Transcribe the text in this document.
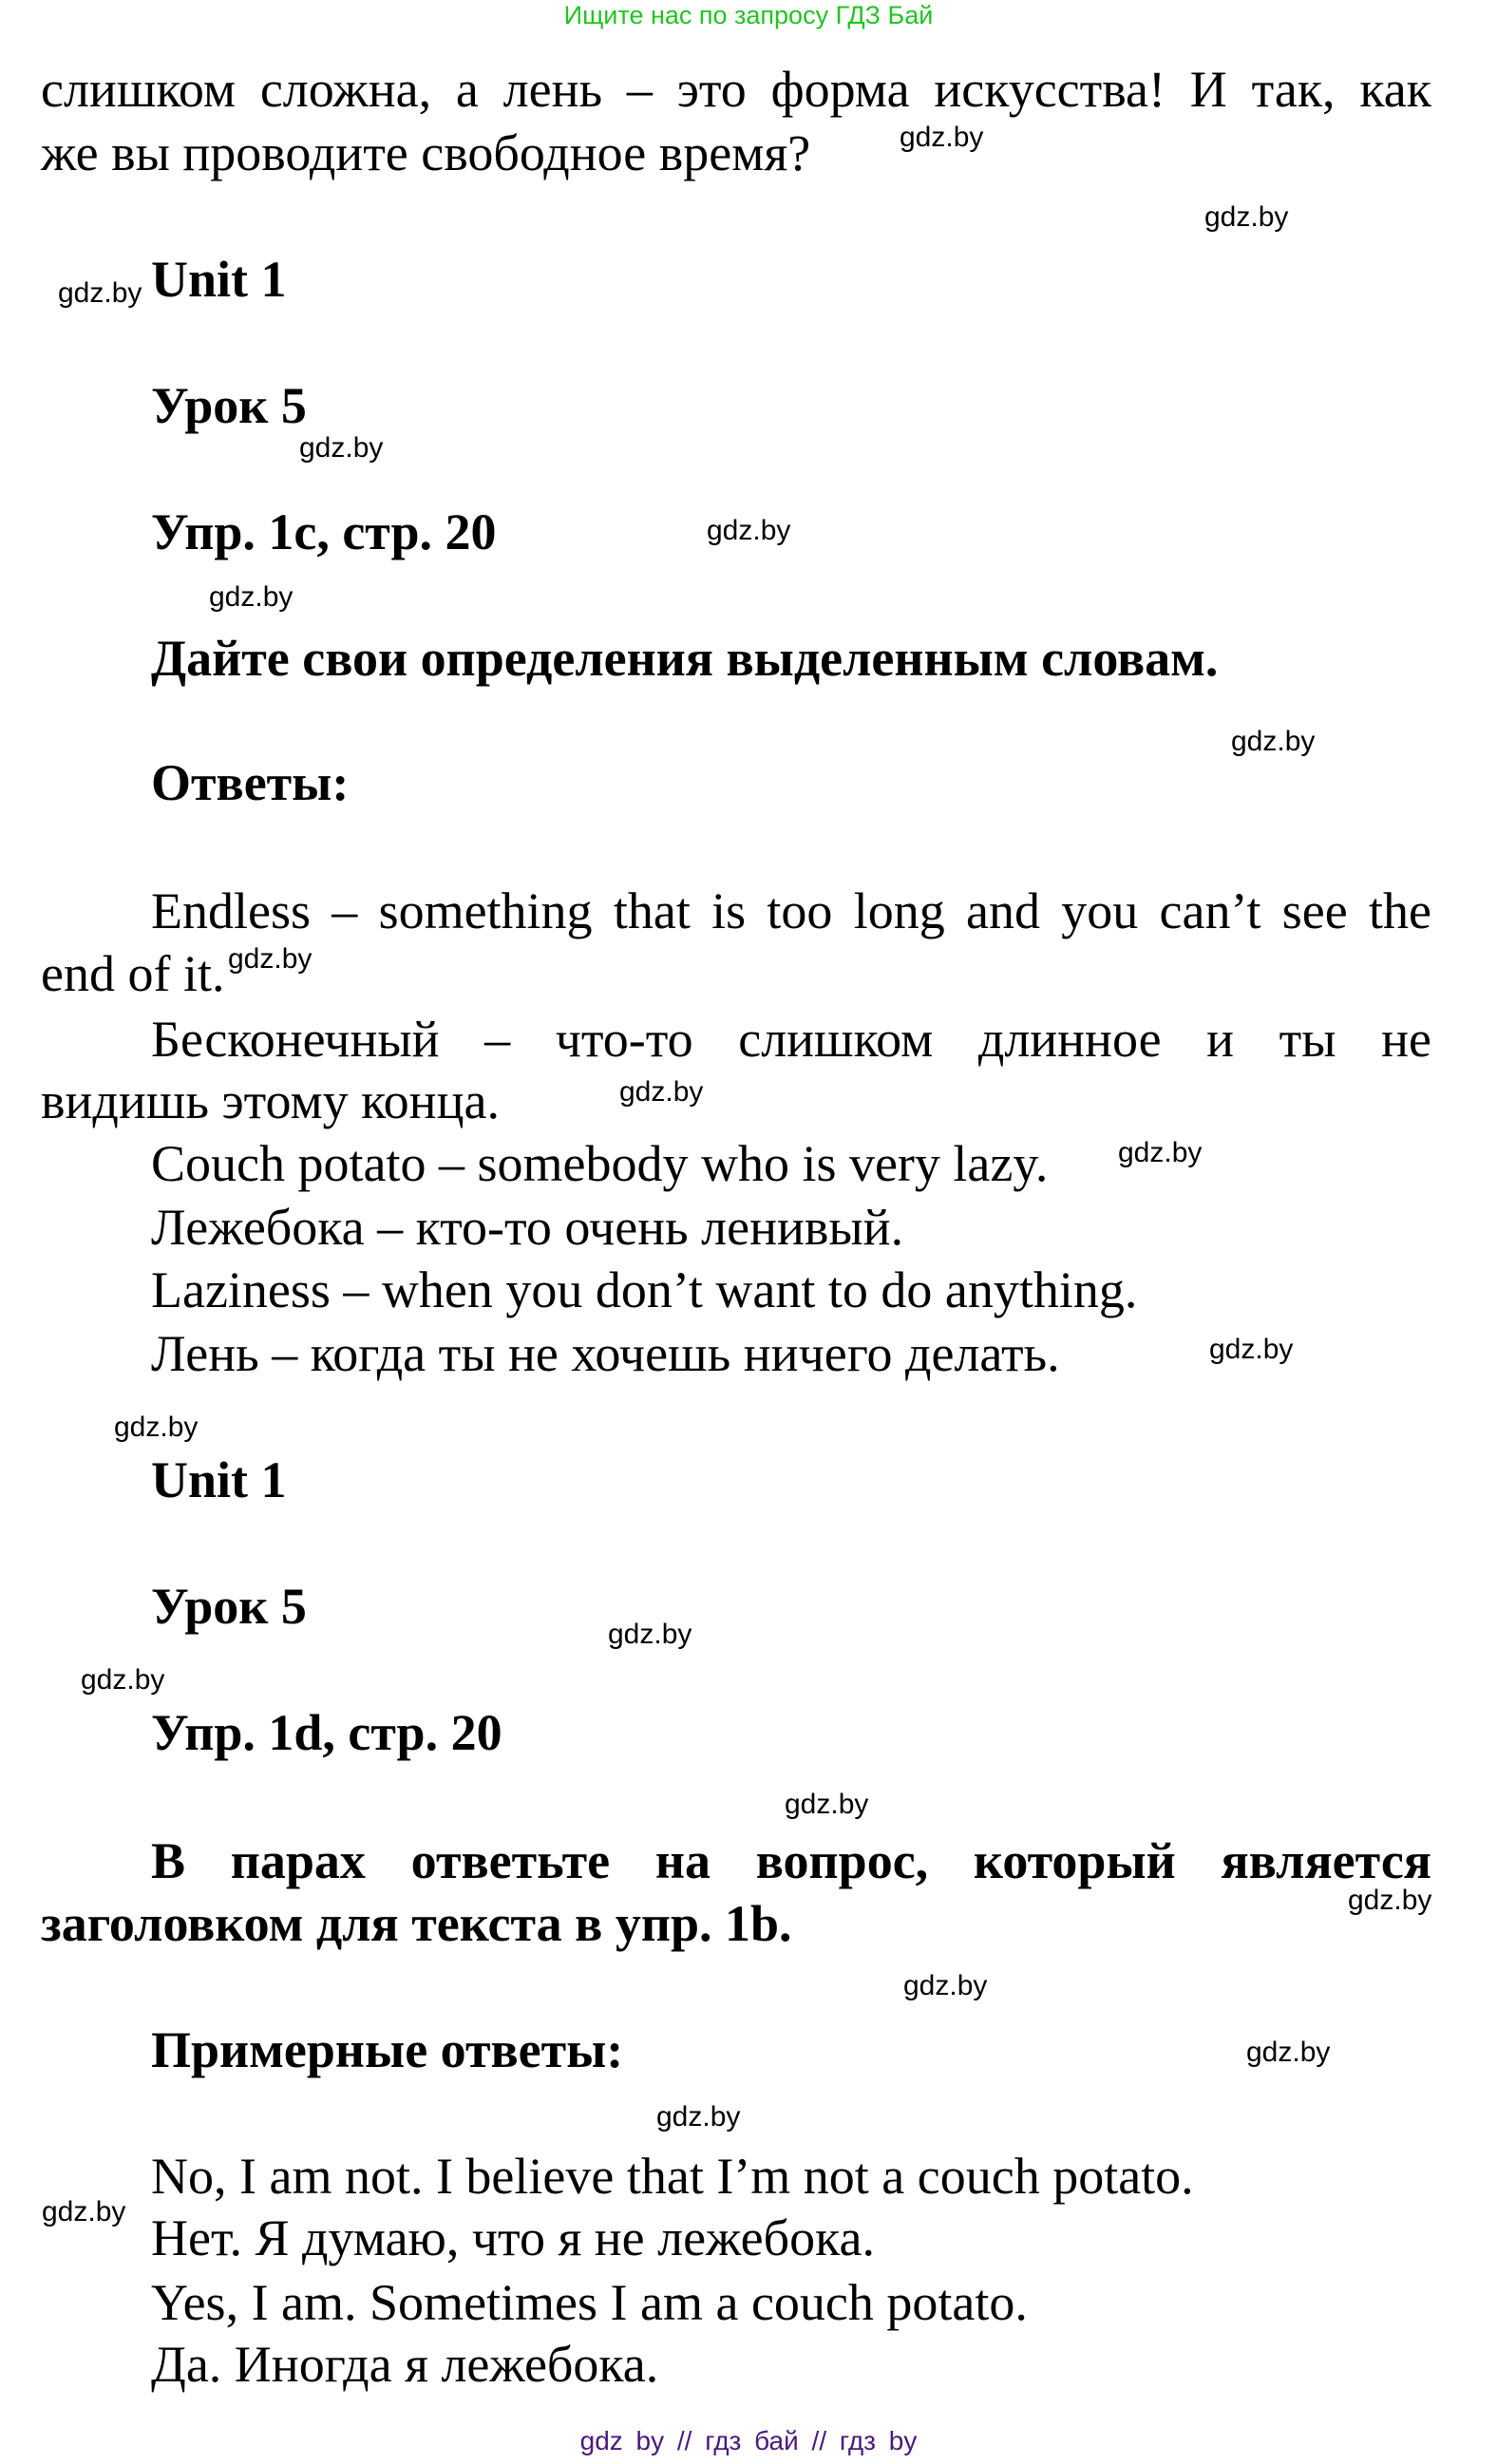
Ищите нас по запросу ГДЗ Бай
слишком сложна, а лень – это форма искусства! И так, как
же вы проводите свободное время?
Unit 1
Урок 5
Упр. 1с, стр. 20
Дайте свои определения выделенным словам.
Ответы:
Endless – something that is too long and you can’t see the
end of it.
Бесконечный – что-то слишком длинное и ты не
видишь этому конца.
Couch potato – somebody who is very lazy.
Лежебока – кто-то очень ленивый.
Laziness – when you don’t want to do anything.
Лень – когда ты не хочешь ничего делать.
Unit 1
Урок 5
Упр. 1d, стр. 20
В парах ответьте на вопрос, который является
заголовком для текста в упр. 1b.
Примерные ответы:
No, I am not. I believe that I’m not a couch potato.
Нет. Я думаю, что я не лежебока.
Yes, I am. Sometimes I am a couch potato.
Да. Иногда я лежебока.
gdz.by
gdz.by
gdz.by
gdz.by
gdz.by
gdz.by
gdz.by
gdz.by
gdz.by
gdz.by
gdz.by
gdz.by
gdz.by
gdz.by
gdz.by
gdz.by
gdz.by
gdz.by
gdz.by
gdz.by
gdz by // гдз бай // гдз by
